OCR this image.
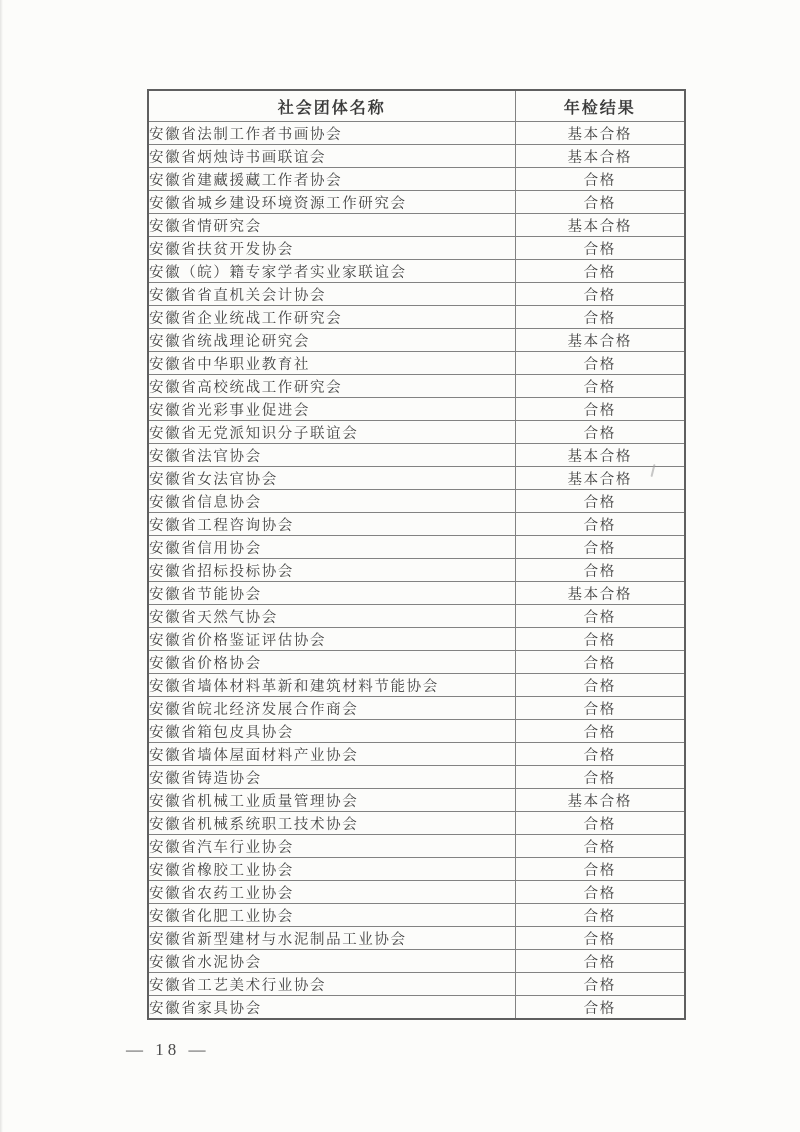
社会团体名称	年检结果
安徽省法制工作者书画协会	基本合格
安徽省炳烛诗书画联谊会	基本合格
安徽省建藏援藏工作者协会	合格
安徽省城乡建设环境资源工作研究会	合格
安徽省情研究会	基本合格
安徽省扶贫开发协会	合格
安徽（皖）籍专家学者实业家联谊会	合格
安徽省省直机关会计协会	合格
安徽省企业统战工作研究会	合格
安徽省统战理论研究会	基本合格
安徽省中华职业教育社	合格
安徽省高校统战工作研究会	合格
安徽省光彩事业促进会	合格
安徽省无党派知识分子联谊会	合格
安徽省法官协会	基本合格
安徽省女法官协会	基本合格
安徽省信息协会	合格
安徽省工程咨询协会	合格
安徽省信用协会	合格
安徽省招标投标协会	合格
安徽省节能协会	基本合格
安徽省天然气协会	合格
安徽省价格鉴证评估协会	合格
安徽省价格协会	合格
安徽省墙体材料革新和建筑材料节能协会	合格
安徽省皖北经济发展合作商会	合格
安徽省箱包皮具协会	合格
安徽省墙体屋面材料产业协会	合格
安徽省铸造协会	合格
安徽省机械工业质量管理协会	基本合格
安徽省机械系统职工技术协会	合格
安徽省汽车行业协会	合格
安徽省橡胶工业协会	合格
安徽省农药工业协会	合格
安徽省化肥工业协会	合格
安徽省新型建材与水泥制品工业协会	合格
安徽省水泥协会	合格
安徽省工艺美术行业协会	合格
安徽省家具协会	合格
— 18 —
